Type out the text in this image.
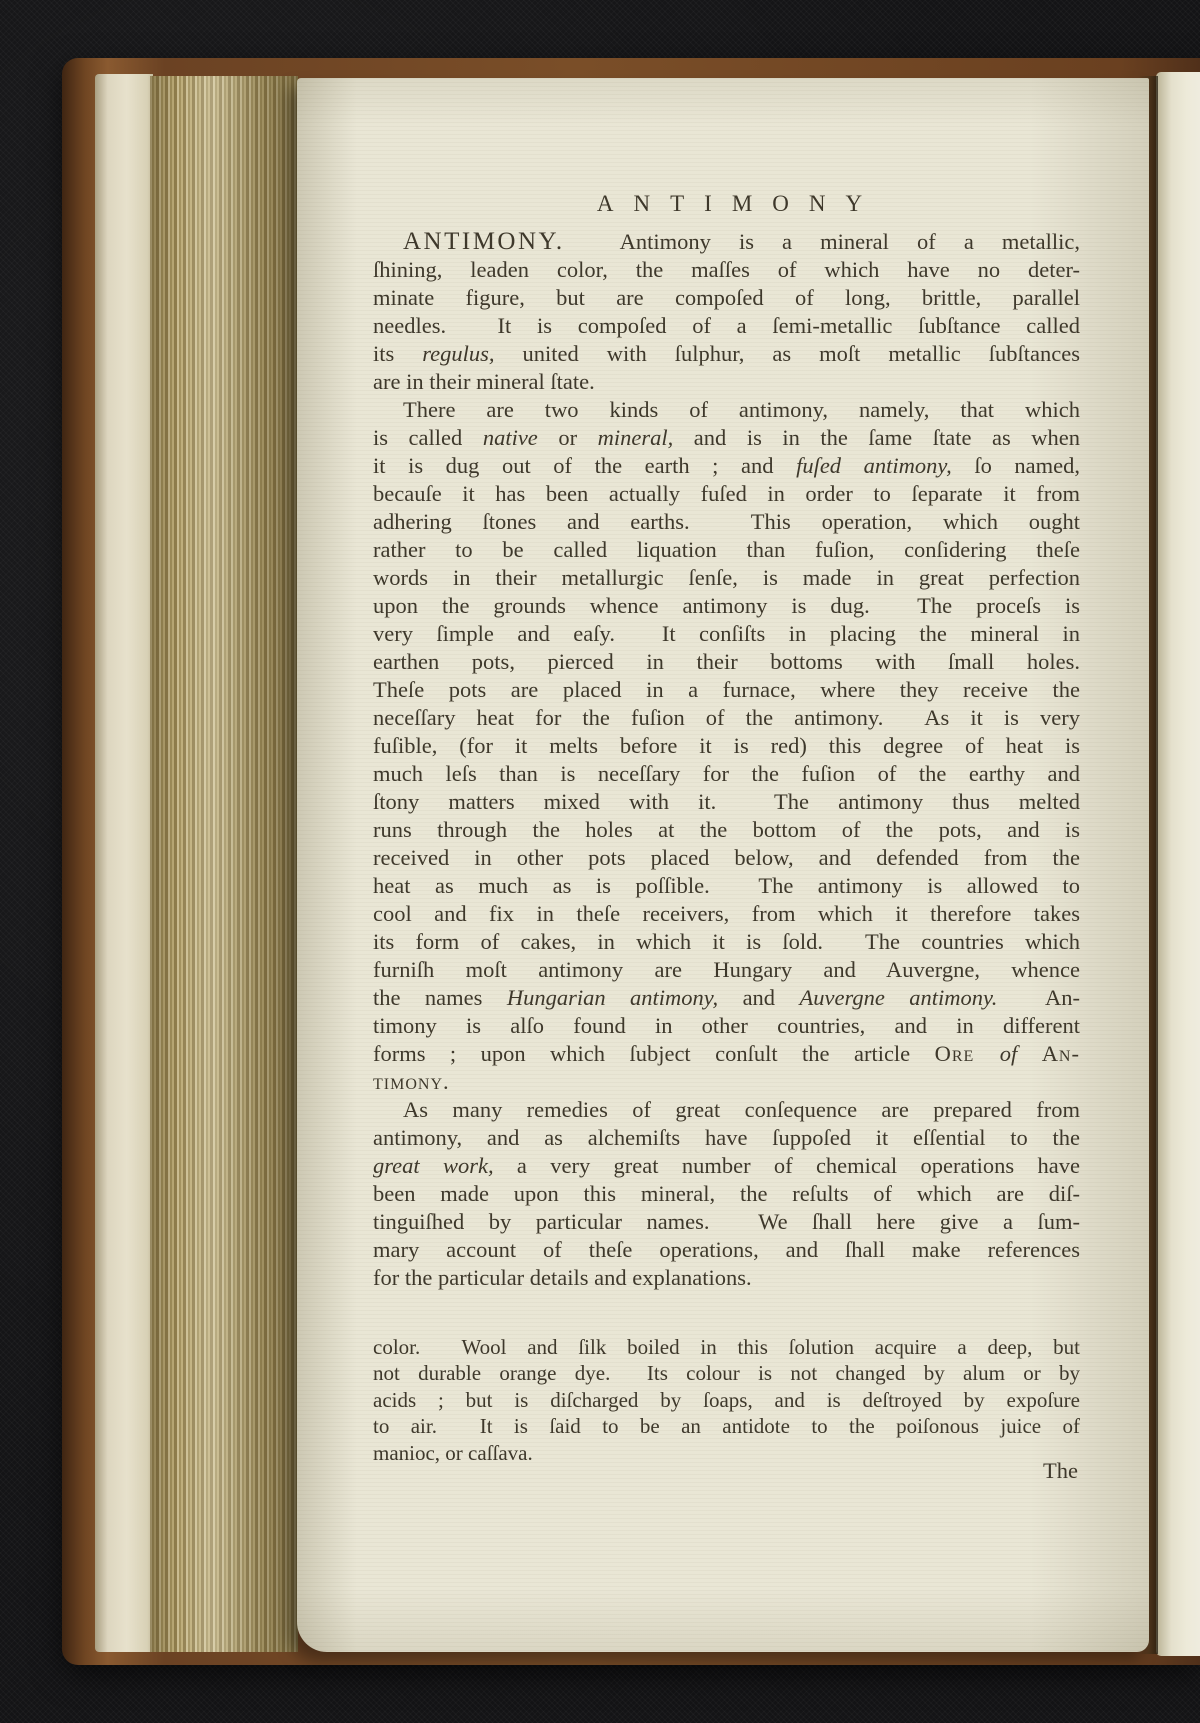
ANTIMONY
ANTIMONY.  Antimony is a mineral of a metallic,
ſhining, leaden color, the maſſes of which have no deter-
minate figure, but are compoſed of long, brittle, parallel
needles.  It is compoſed of a ſemi-metallic ſubſtance called
its regulus, united with ſulphur, as moſt metallic ſubſtances
are in their mineral ſtate.
There are two kinds of antimony, namely, that which
is called native or mineral, and is in the ſame ſtate as when
it is dug out of the earth ; and fuſed antimony, ſo named,
becauſe it has been actually fuſed in order to ſeparate it from
adhering ſtones and earths.  This operation, which ought
rather to be called liquation than fuſion, conſidering theſe
words in their metallurgic ſenſe, is made in great perfection
upon the grounds whence antimony is dug.  The proceſs is
very ſimple and eaſy.  It conſiſts in placing the mineral in
earthen pots, pierced in their bottoms with ſmall holes.
Theſe pots are placed in a furnace, where they receive the
neceſſary heat for the fuſion of the antimony.  As it is very
fuſible, (for it melts before it is red) this degree of heat is
much leſs than is neceſſary for the fuſion of the earthy and
ſtony matters mixed with it.  The antimony thus melted
runs through the holes at the bottom of the pots, and is
received in other pots placed below, and defended from the
heat as much as is poſſible.  The antimony is allowed to
cool and fix in theſe receivers, from which it therefore takes
its form of cakes, in which it is ſold.  The countries which
furniſh moſt antimony are Hungary and Auvergne, whence
the names Hungarian antimony, and Auvergne antimony.  An-
timony is alſo found in other countries, and in different
forms ; upon which ſubject conſult the article Ore of An-
timony.
As many remedies of great conſequence are prepared from
antimony, and as alchemiſts have ſuppoſed it eſſential to the
great work, a very great number of chemical operations have
been made upon this mineral, the reſults of which are diſ-
tinguiſhed by particular names.  We ſhall here give a ſum-
mary account of theſe operations, and ſhall make references
for the particular details and explanations.
color.  Wool and ſilk boiled in this ſolution acquire a deep, but
not durable orange dye.  Its colour is not changed by alum or by
acids ; but is diſcharged by ſoaps, and is deſtroyed by expoſure
to air.  It is ſaid to be an antidote to the poiſonous juice of
manioc, or caſſava.
The
